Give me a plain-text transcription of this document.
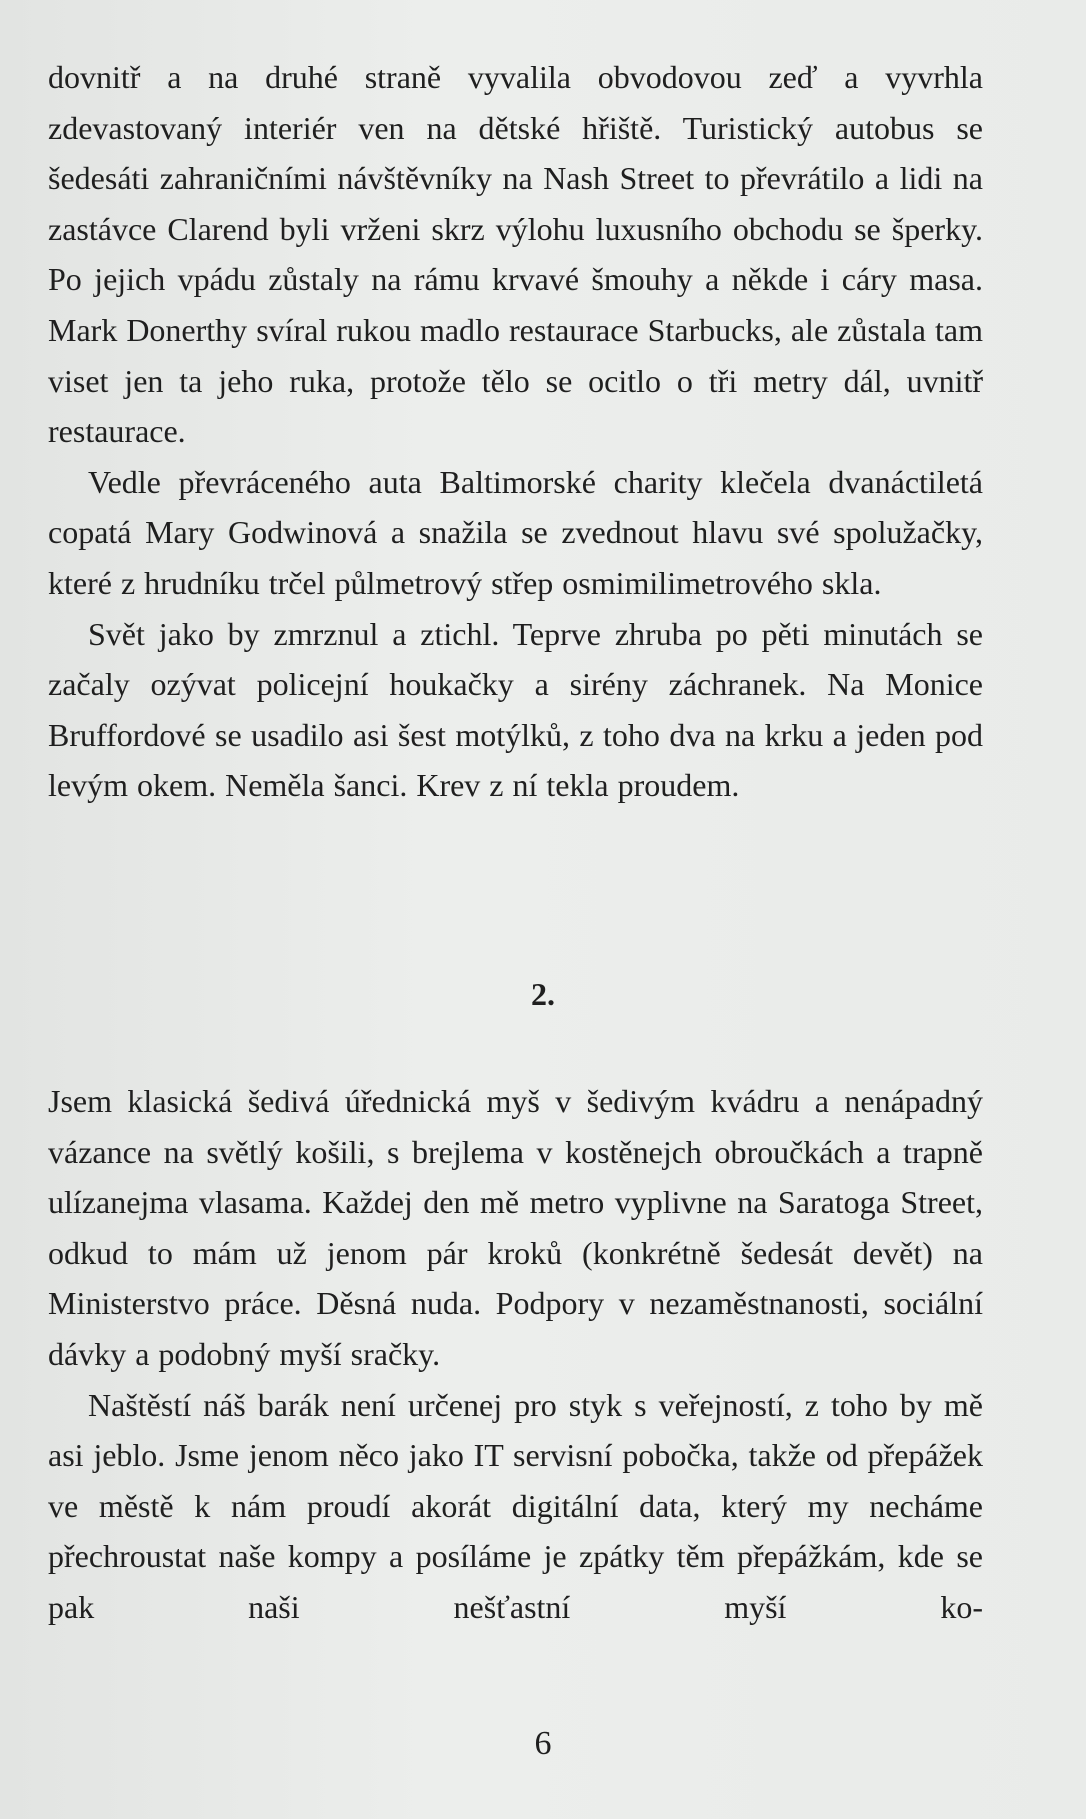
dovnitř a na druhé straně vyvalila obvodovou zeď a vyvrhla zdevastovaný interiér ven na dětské hřiště. Turistický autobus se šedesáti zahraničními návštěvníky na Nash Street to převrátilo a lidi na zastávce Clarend byli vrženi skrz výlohu luxusního obchodu se šperky. Po jejich vpádu zůstaly na rámu krvavé šmouhy a někde i cáry masa. Mark Donerthy svíral rukou madlo restaurace Starbucks, ale zůstala tam viset jen ta jeho ruka, protože tělo se ocitlo o tři metry dál, uvnitř restaurace.

Vedle převráceného auta Baltimorské charity klečela dvanáctiletá copatá Mary Godwinová a snažila se zvednout hlavu své spolužačky, které z hrudníku trčel půlmetrový střep osmimilimetrového skla.

Svět jako by zmrznul a ztichl. Teprve zhruba po pěti minutách se začaly ozývat policejní houkačky a sirény záchranek. Na Monice Bruffordové se usadilo asi šest motýlků, z toho dva na krku a jeden pod levým okem. Neměla šanci. Krev z ní tekla proudem.

2.

Jsem klasická šedivá úřednická myš v šedivým kvádru a nenápadný vázance na světlý košili, s brejlema v kostěnejch obroučkách a trapně ulízanejma vlasama. Každej den mě metro vyplivne na Saratoga Street, odkud to mám už jenom pár kroků (konkrétně šedesát devět) na Ministerstvo práce. Děsná nuda. Podpory v nezaměstnanosti, sociální dávky a podobný myší sračky.

Naštěstí náš barák není určenej pro styk s veřejností, z toho by mě asi jeblo. Jsme jenom něco jako IT servisní pobočka, takže od přepážek ve městě k nám proudí akorát digitální data, který my necháme přechroustat naše kompy a posíláme je zpátky těm přepážkám, kde se pak naši nešťastní myší ko-

6
